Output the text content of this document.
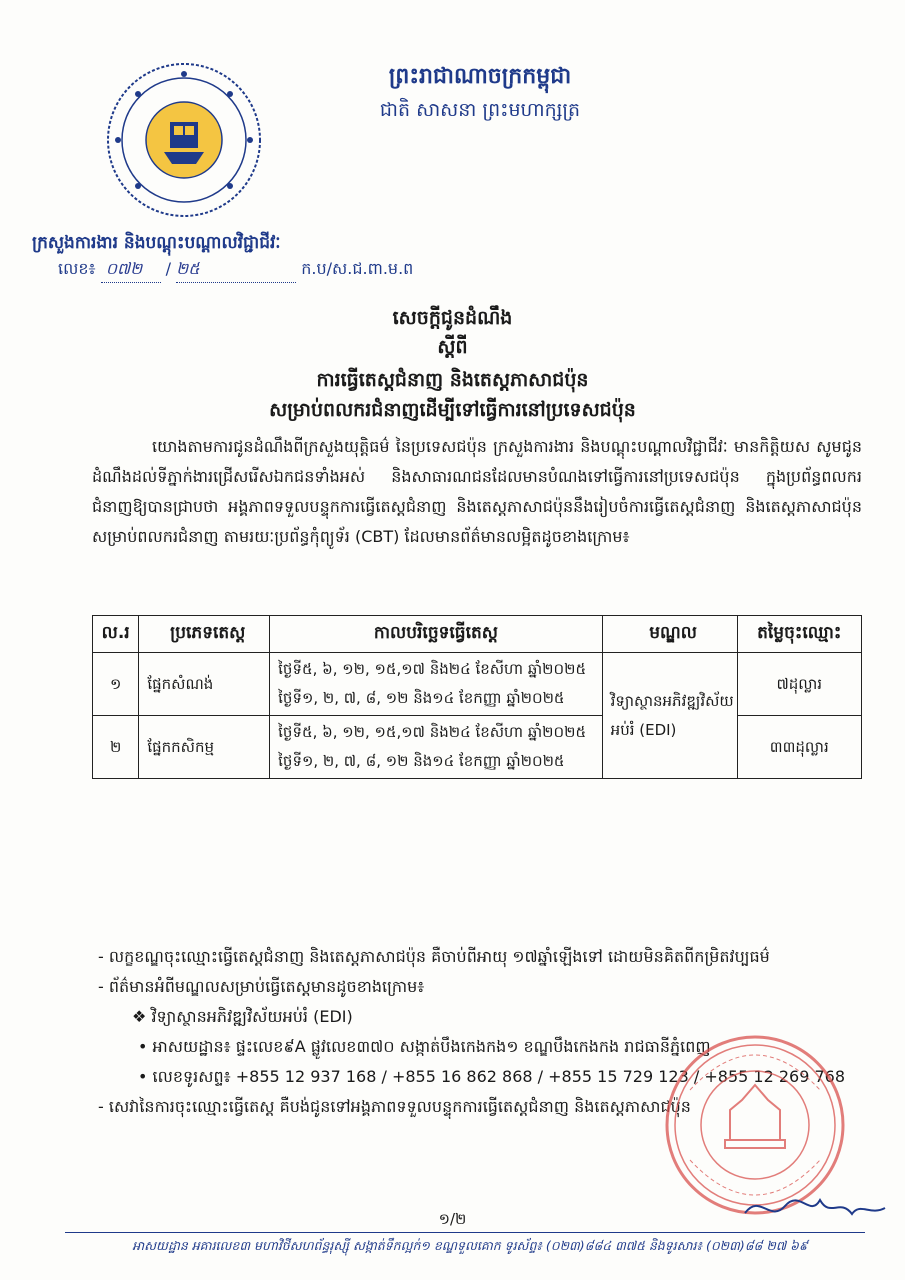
ព្រះរាជាណាចក្រកម្ពុជា
ជាតិ សាសនា ព្រះមហាក្សត្រ
ក្រសួងការងារ និងបណ្តុះបណ្តាលវិជ្ជាជីវៈ
លេខ៖  ០៧២ / ២៥	ក.ប/ស.ជ.ពា.ម.ព
សេចក្តីជូនដំណឹង
ស្តីពី
ការធ្វើតេស្តជំនាញ និងតេស្តភាសាជប៉ុន
សម្រាប់ពលករជំនាញដើម្បីទៅធ្វើការនៅប្រទេសជប៉ុន
យោងតាមការជូនដំណឹងពីក្រសួងយុត្តិធម៌ នៃប្រទេសជប៉ុន ក្រសួងការងារ និងបណ្តុះបណ្តាលវិជ្ជាជីវៈ មានកិត្តិយស សូមជូនដំណឹងដល់ទីភ្នាក់ងារជ្រើសរើសឯកជនទាំងអស់ និងសាធារណជនដែលមានបំណងទៅធ្វើការនៅប្រទេសជប៉ុន ក្នុងប្រព័ន្ធពលករជំនាញឱ្យបានជ្រាបថា អង្គភាពទទួលបន្ទុកការធ្វើតេស្តជំនាញ និងតេស្តភាសាជប៉ុននឹងរៀបចំការធ្វើតេស្តជំនាញ និងតេស្តភាសាជប៉ុនសម្រាប់ពលករជំនាញ តាមរយៈប្រព័ន្ធកុំព្យូទ័រ (CBT) ដែលមានព័ត៌មានលម្អិតដូចខាងក្រោម៖
ល.រ	ប្រភេទតេស្ត	កាលបរិច្ឆេទធ្វើតេស្ត	មណ្ឌល	តម្លៃចុះឈ្មោះ
១	ផ្នែកសំណង់	ថ្ងៃទី៥, ៦, ១២, ១៥,១៧ និង២៤ ខែសីហា ឆ្នាំ២០២៥
ថ្ងៃទី១, ២, ៧, ៨, ១២ និង១៤ ខែកញ្ញា ឆ្នាំ២០២៥	វិទ្យាស្ថានអភិវឌ្ឍវិស័យអប់រំ (EDI)	៧ដុល្លារ
២	ផ្នែកកសិកម្ម	ថ្ងៃទី៥, ៦, ១២, ១៥,១៧ និង២៤ ខែសីហា ឆ្នាំ២០២៥
ថ្ងៃទី១, ២, ៧, ៨, ១២ និង១៤ ខែកញ្ញា ឆ្នាំ២០២៥		៣៣ដុល្លារ
- លក្ខខណ្ឌចុះឈ្មោះធ្វើតេស្តជំនាញ និងតេស្តភាសាជប៉ុន គឺចាប់ពីអាយុ ១៧ឆ្នាំឡើងទៅ ដោយមិនគិតពីកម្រិតវប្បធម៌
- ព័ត៌មានអំពីមណ្ឌលសម្រាប់ធ្វើតេស្តមានដូចខាងក្រោម៖
❖ វិទ្យាស្ថានអភិវឌ្ឍវិស័យអប់រំ (EDI)
• អាសយដ្ឋាន៖ ផ្ទះលេខ៩A ផ្លូវលេខ៣៧០ សង្កាត់បឹងកេងកង១ ខណ្ឌបឹងកេងកង រាជធានីភ្នំពេញ
• លេខទូរសព្ទ៖ +855 12 937 168 / +855 16 862 868 / +855 15 729 123 / +855 12 269 768
- សេវានៃការចុះឈ្មោះធ្វើតេស្ត គឺបង់ជូនទៅអង្គភាពទទួលបន្ទុកការធ្វើតេស្តជំនាញ និងតេស្តភាសាជប៉ុន
១/២
អាសយដ្ឋាន អគារលេខ៣ មហាវិថីសហព័ន្ធរុស្ស៊ី សង្កាត់ទឹកល្អក់១ ខណ្ឌទួលគោក ទូរស័ព្ទ៖ (០២៣)៨៨៤ ៣៧៥ និងទូរសារ៖ (០២៣)៨៨ ២៧ ៦៩
